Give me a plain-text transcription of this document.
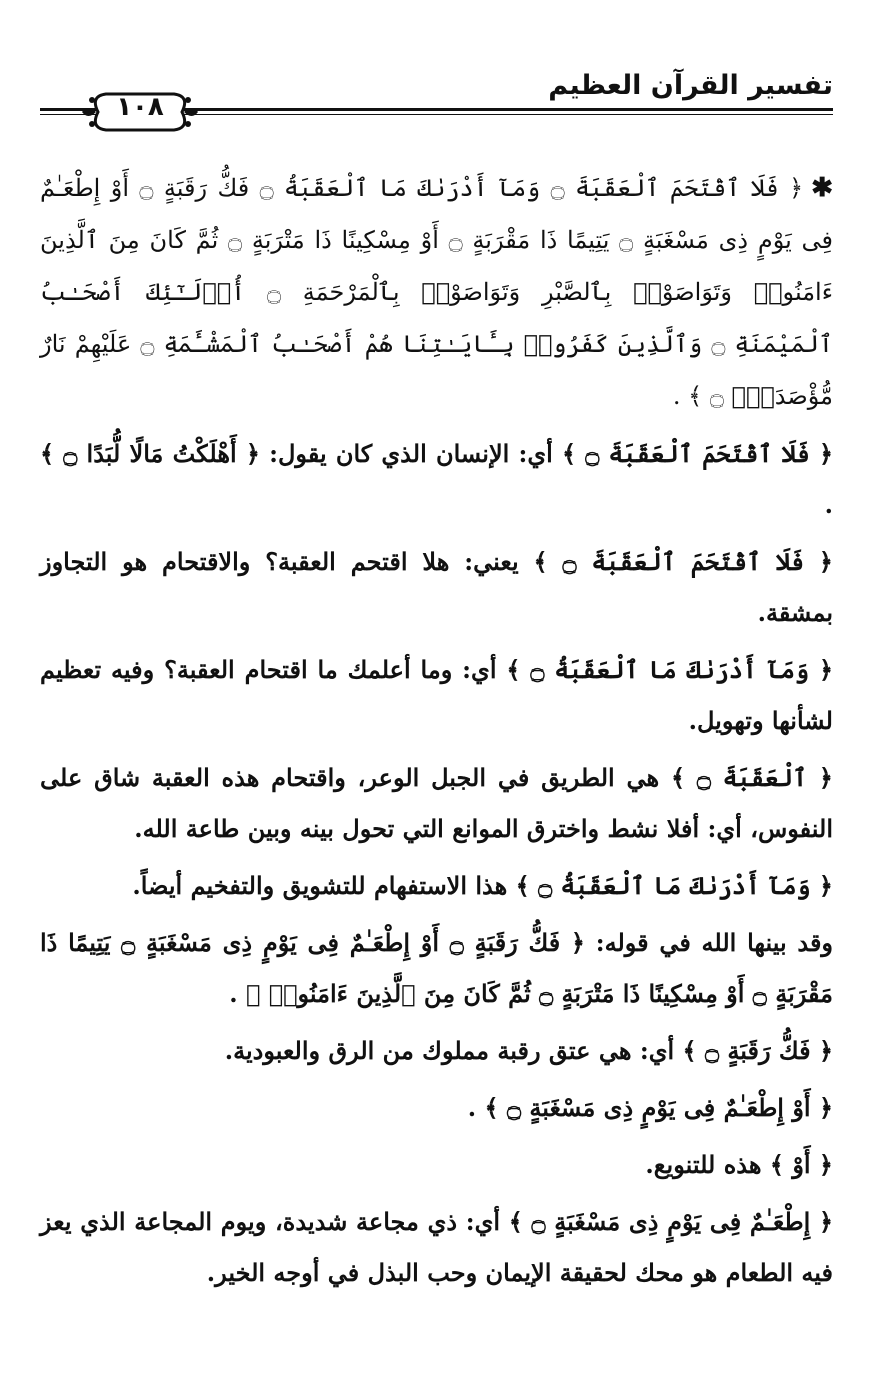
تفسير القرآن العظيم
١٠٨

✱﴿ فَلَا ٱقْتَحَمَ ٱلْعَقَبَةَ ۝ وَمَآ أَدْرَىٰكَ مَا ٱلْعَقَبَةُ ۝ فَكُّ رَقَبَةٍ ۝ أَوْ إِطْعَـٰمٌ فِى يَوْمٍ ذِى مَسْغَبَةٍ ۝ يَتِيمًا ذَا مَقْرَبَةٍ ۝ أَوْ مِسْكِينًا ذَا مَتْرَبَةٍ ۝ ثُمَّ كَانَ مِنَ ٱلَّذِينَ ءَامَنُوا۟ وَتَوَاصَوْا۟ بِٱلصَّبْرِ وَتَوَاصَوْا۟ بِٱلْمَرْحَمَةِ ۝ أُو۟لَـٰٓئِكَ أَصْحَـٰبُ ٱلْمَيْمَنَةِ ۝ وَٱلَّذِينَ كَفَرُوا۟ بِـَٔايَـٰتِنَا هُمْ أَصْحَـٰبُ ٱلْمَشْـَٔمَةِ ۝ عَلَيْهِمْ نَارٌ مُّؤْصَدَةٌۢ ۝ ﴾ .

﴿ فَلَا ٱقْتَحَمَ ٱلْعَقَبَةَ ۝ ﴾ أي: الإنسان الذي كان يقول: ﴿ أَهْلَكْتُ مَالًا لُّبَدًا ۝ ﴾ .

﴿ فَلَا ٱقْتَحَمَ ٱلْعَقَبَةَ ۝ ﴾ يعني: هلا اقتحم العقبة؟ والاقتحام هو التجاوز بمشقة.

﴿ وَمَآ أَدْرَىٰكَ مَا ٱلْعَقَبَةُ ۝ ﴾ أي: وما أعلمك ما اقتحام العقبة؟ وفيه تعظيم لشأنها وتهويل.

﴿ ٱلْعَقَبَةَ ۝ ﴾ هي الطريق في الجبل الوعر، واقتحام هذه العقبة شاق على النفوس، أي: أفلا نشط واخترق الموانع التي تحول بينه وبين طاعة الله.

﴿ وَمَآ أَدْرَىٰكَ مَا ٱلْعَقَبَةُ ۝ ﴾ هذا الاستفهام للتشويق والتفخيم أيضاً.

وقد بينها الله في قوله: ﴿ فَكُّ رَقَبَةٍ ۝ أَوْ إِطْعَـٰمٌ فِى يَوْمٍ ذِى مَسْغَبَةٍ ۝ يَتِيمًا ذَا مَقْرَبَةٍ ۝ أَوْ مِسْكِينًا ذَا مَتْرَبَةٍ ۝ ثُمَّ كَانَ مِنَ ٱلَّذِينَ ءَامَنُوا۟ ﴾ .

﴿ فَكُّ رَقَبَةٍ ۝ ﴾ أي: هي عتق رقبة مملوك من الرق والعبودية.

﴿ أَوْ إِطْعَـٰمٌ فِى يَوْمٍ ذِى مَسْغَبَةٍ ۝ ﴾ .

﴿ أَوْ ﴾ هذه للتنويع.

﴿ إِطْعَـٰمٌ فِى يَوْمٍ ذِى مَسْغَبَةٍ ۝ ﴾ أي: ذي مجاعة شديدة، ويوم المجاعة الذي يعز فيه الطعام هو محك لحقيقة الإيمان وحب البذل في أوجه الخير.
